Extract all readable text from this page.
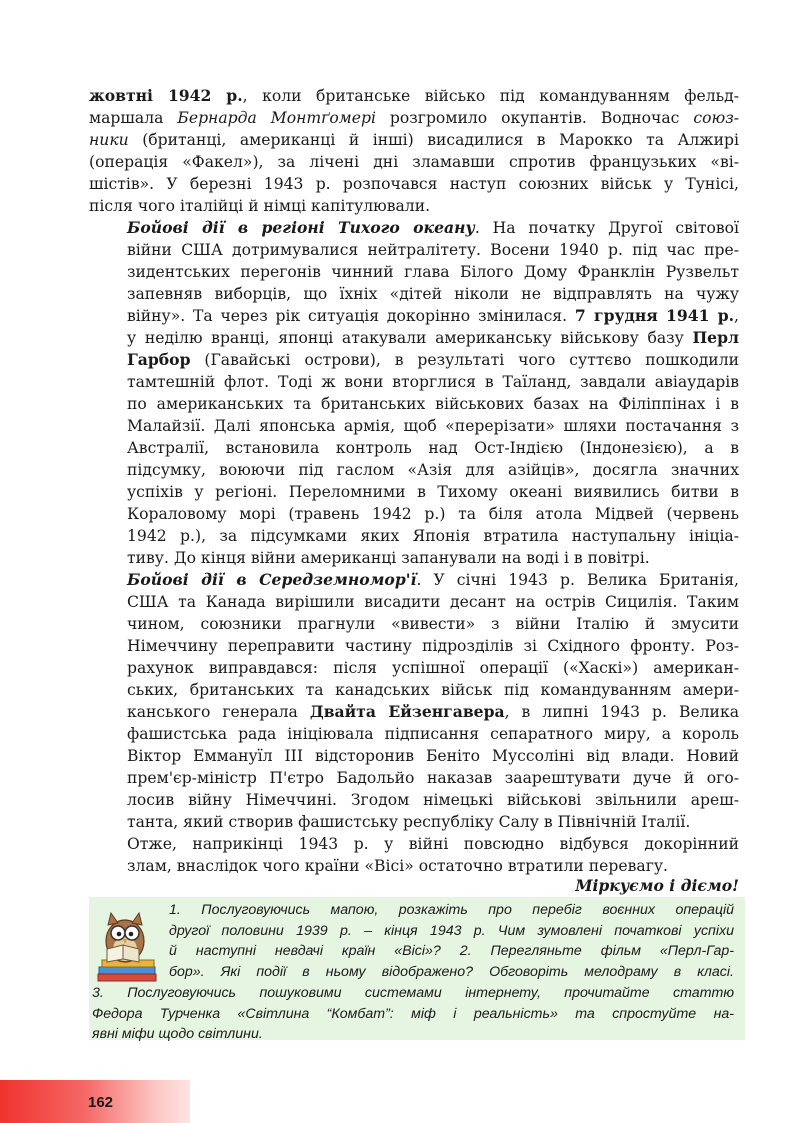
жовтні 1942 р., коли британське військо під командуванням фельд-
маршала Бернарда Монтґомері розгромило окупантів. Водночас союз-
ники (британці, американці й інші) висадилися в Марокко та Алжирі
(операція «Факел»), за лічені дні зламавши спротив французьких «ві-
шістів». У березні 1943 р. розпочався наступ союзних військ у Тунісі,
після чого італійці й німці капітулювали.

Бойові дії в регіоні Тихого океану. На початку Другої світової
війни США дотримувалися нейтралітету. Восени 1940 р. під час пре-
зидентських перегонів чинний глава Білого Дому Франклін Рузвельт
запевняв виборців, що їхніх «дітей ніколи не відправлять на чужу
війну». Та через рік ситуація докорінно змінилася. 7 грудня 1941 р.,
у неділю вранці, японці атакували американську військову базу Перл
Гарбор (Гавайські острови), в результаті чого суттєво пошкодили
тамтешній флот. Тоді ж вони вторглися в Таїланд, завдали авіаударів
по американських та британських військових базах на Філіппінах і в
Малайзії. Далі японська армія, щоб «перерізати» шляхи постачання з
Австралії, встановила контроль над Ост-Індією (Індонезією), а в
підсумку, воюючи під гаслом «Азія для азійців», досягла значних
успіхів у регіоні. Переломними в Тихому океані виявились битви в
Кораловому морі (травень 1942 р.) та біля атола Мідвей (червень
1942 р.), за підсумками яких Японія втратила наступальну ініціа-
тиву. До кінця війни американці запанували на воді і в повітрі.

Бойові дії в Середземномор'ї. У січні 1943 р. Велика Британія,
США та Канада вирішили висадити десант на острів Сицилія. Таким
чином, союзники прагнули «вивести» з війни Італію й змусити
Німеччину переправити частину підрозділів зі Східного фронту. Роз-
рахунок виправдався: після успішної операції («Хаскі») американ-
ських, британських та канадських військ під командуванням амери-
канського генерала Двайта Ейзенгавера, в липні 1943 р. Велика
фашистська рада ініціювала підписання сепаратного миру, а король
Віктор Еммануїл ІІІ відсторонив Беніто Муссоліні від влади. Новий
прем'єр-міністр П'єтро Бадольйо наказав заарештувати дуче й ого-
лосив війну Німеччині. Згодом німецькі військові звільнили ареш-
танта, який створив фашистську республіку Салу в Північній Італії.

Отже, наприкінці 1943 р. у війні повсюдно відбувся докорінний
злам, внаслідок чого країни «Вісі» остаточно втратили перевагу.

Міркуємо і діємо!
1. Послуговуючись мапою, розкажіть про перебіг воєнних операцій
другої половини 1939 р. – кінця 1943 р. Чим зумовлені початкові успіхи
й наступні невдачі країн «Вісі»? 2. Перегляньте фільм «Перл-Гар-
бор». Які події в ньому відображено? Обговоріть мелодраму в класі.
3. Послуговуючись пошуковими системами інтернету, прочитайте статтю
Федора Турченка «Світлина “Комбат”: міф і реальність» та спростуйте на-
явні міфи щодо світлини.
162
